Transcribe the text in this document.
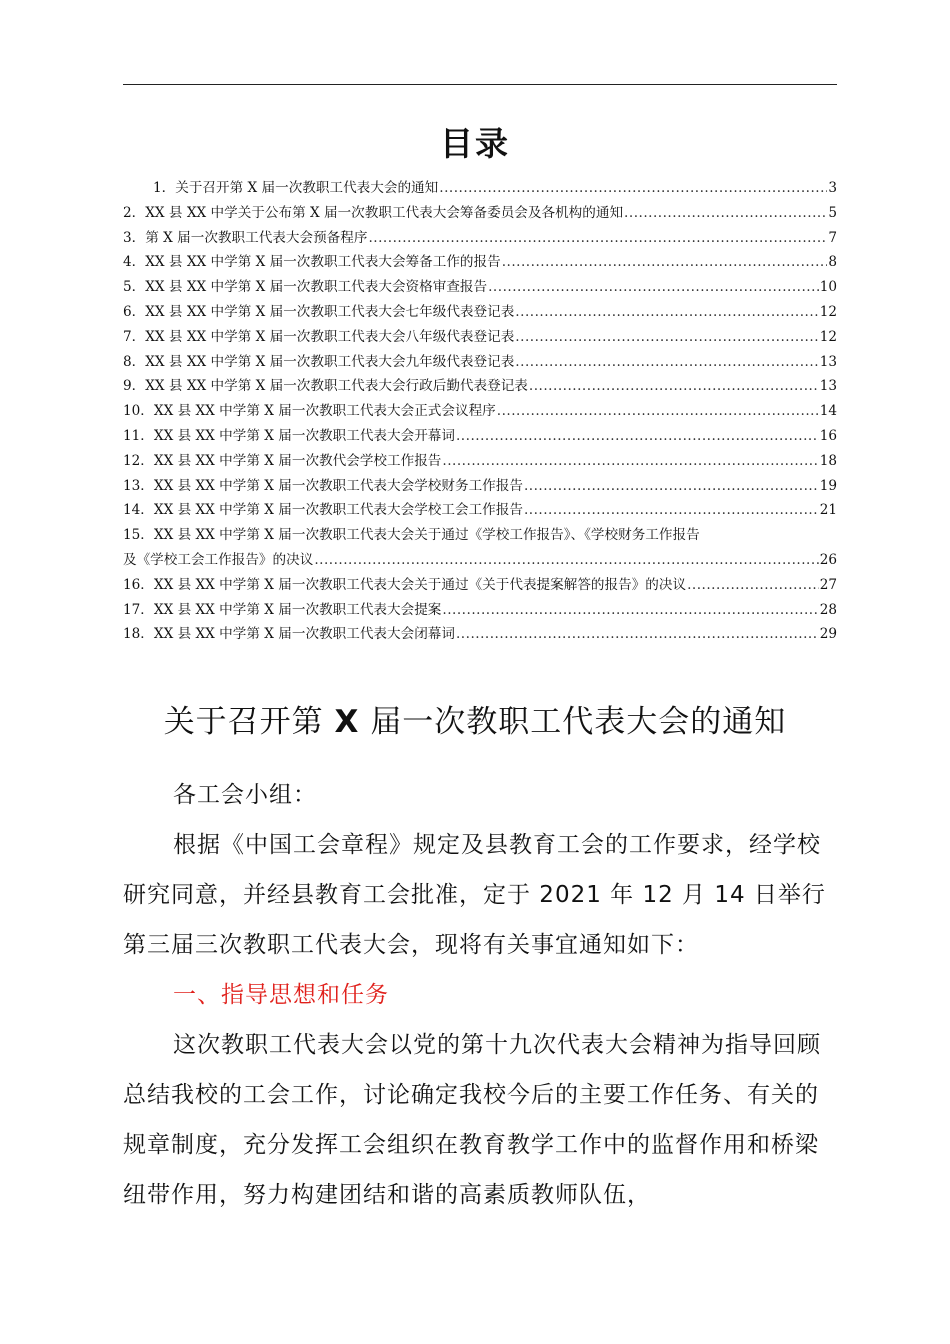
目录
1．关于召开第 X 届一次教职工代表大会的通知 .....	3
2．XX 县 XX 中学关于公布第 X 届一次教职工代表大会筹备委员会及各机构的通知 .....	5
3．第 X 届一次教职工代表大会预备程序 .....	7
4．XX 县 XX 中学第 X 届一次教职工代表大会筹备工作的报告 .....	8
5．XX 县 XX 中学第 X 届一次教职工代表大会资格审查报告 .....	10
6．XX 县 XX 中学第 X 届一次教职工代表大会七年级代表登记表 .....	12
7．XX 县 XX 中学第 X 届一次教职工代表大会八年级代表登记表 .....	12
8．XX 县 XX 中学第 X 届一次教职工代表大会九年级代表登记表 .....	13
9．XX 县 XX 中学第 X 届一次教职工代表大会行政后勤代表登记表 .....	13
10．XX 县 XX 中学第 X 届一次教职工代表大会正式会议程序 .....	14
11．XX 县 XX 中学第 X 届一次教职工代表大会开幕词 .....	16
12．XX 县 XX 中学第 X 届一次教代会学校工作报告 .....	18
13．XX 县 XX 中学第 X 届一次教职工代表大会学校财务工作报告 .....	19
14．XX 县 XX 中学第 X 届一次教职工代表大会学校工会工作报告 .....	21
15．XX 县 XX 中学第 X 届一次教职工代表大会关于通过《学校工作报告》、《学校财务工作报告
及《学校工会工作报告》的决议 .....	26
16．XX 县 XX 中学第 X 届一次教职工代表大会关于通过《关于代表提案解答的报告》的决议 .....	27
17．XX 县 XX 中学第 X 届一次教职工代表大会提案 .....	28
18．XX 县 XX 中学第 X 届一次教职工代表大会闭幕词 .....	29
关于召开第 X 届一次教职工代表大会的通知

各工会小组：

根据《中国工会章程》规定及县教育工会的工作要求，经学校研究同意，并经县教育工会批准，定于 2021 年 12 月 14 日举行第三届三次教职工代表大会，现将有关事宜通知如下：

一、指导思想和任务

这次教职工代表大会以党的第十九次代表大会精神为指导回顾总结我校的工会工作，讨论确定我校今后的主要工作任务、有关的规章制度，充分发挥工会组织在教育教学工作中的监督作用和桥梁纽带作用，努力构建团结和谐的高素质教师队伍，
